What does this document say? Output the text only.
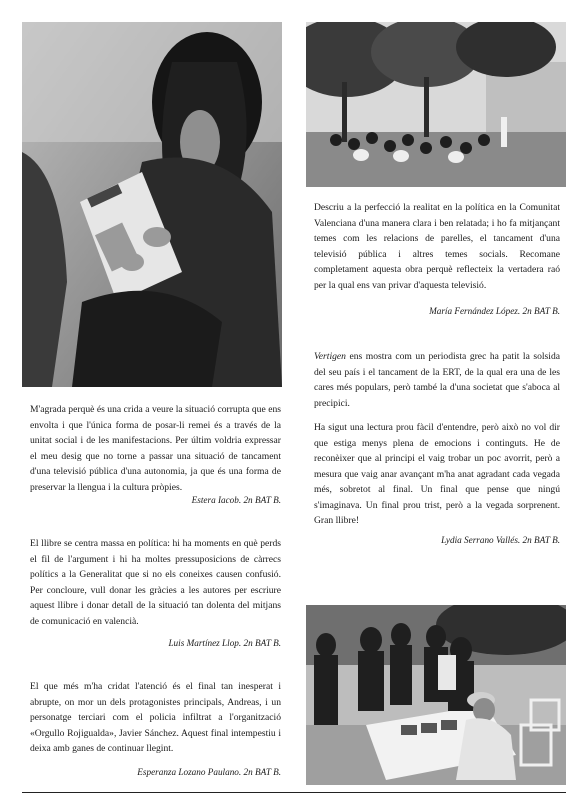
M'agrada perquè és una crida a veure la situació corrupta que ens envolta i que l'única forma de posar-li remei és a través de la unitat social i de les manifestacions. Per últim voldria expressar el meu desig que no torne a passar una situació de tancament d'una televisió pública d'una autonomia, ja que és una forma de preservar la llengua i la cultura pròpies.

Estera Iacob. 2n BAT B.

El llibre se centra massa en política: hi ha moments en què perds el fil de l'argument i hi ha moltes pressuposicions de càrrecs polítics a la Generalitat que si no els coneixes causen confusió. Per concloure, vull donar les gràcies a les autores per escriure aquest llibre i donar detall de la situació tan dolenta del mitjans de comunicació en valencià.

Luis Martínez Llop. 2n BAT B.

El que més m'ha cridat l'atenció és el final tan inesperat i abrupte, on mor un dels protagonistes principals, Andreas, i un personatge terciari com el policia infiltrat a l'organització «Orgullo Rojigualda», Javier Sánchez. Aquest final intempestiu i deixa amb ganes de continuar llegint.

Esperanza Lozano Paulano. 2n BAT B.

Descriu a la perfecció la realitat en la política en la Comunitat Valenciana d'una manera clara i ben relatada; i ho fa mitjançant temes com les relacions de parelles, el tancament d'una televisió pública i altres temes socials. Recomane completament aquesta obra perquè reflecteix la vertadera raó per la qual ens van privar d'aquesta televisió.

María Fernández López. 2n BAT B.

Vertigen ens mostra com un periodista grec ha patit la solsida del seu país i el tancament de la ERT, de la qual era una de les cares més populars, però també la d'una societat que s'aboca al precipici.

Ha sigut una lectura prou fàcil d'entendre, però això no vol dir que estiga menys plena de emocions i continguts. He de reconèixer que al principi el vaig trobar un poc avorrit, però a mesura que vaig anar avançant m'ha anat agradant cada vegada més, sobretot al final. Un final que pense que ningú s'imaginava. Un final prou trist, però a la vegada sorprenent. Gran llibre!

Lydia Serrano Vallés. 2n BAT B.
